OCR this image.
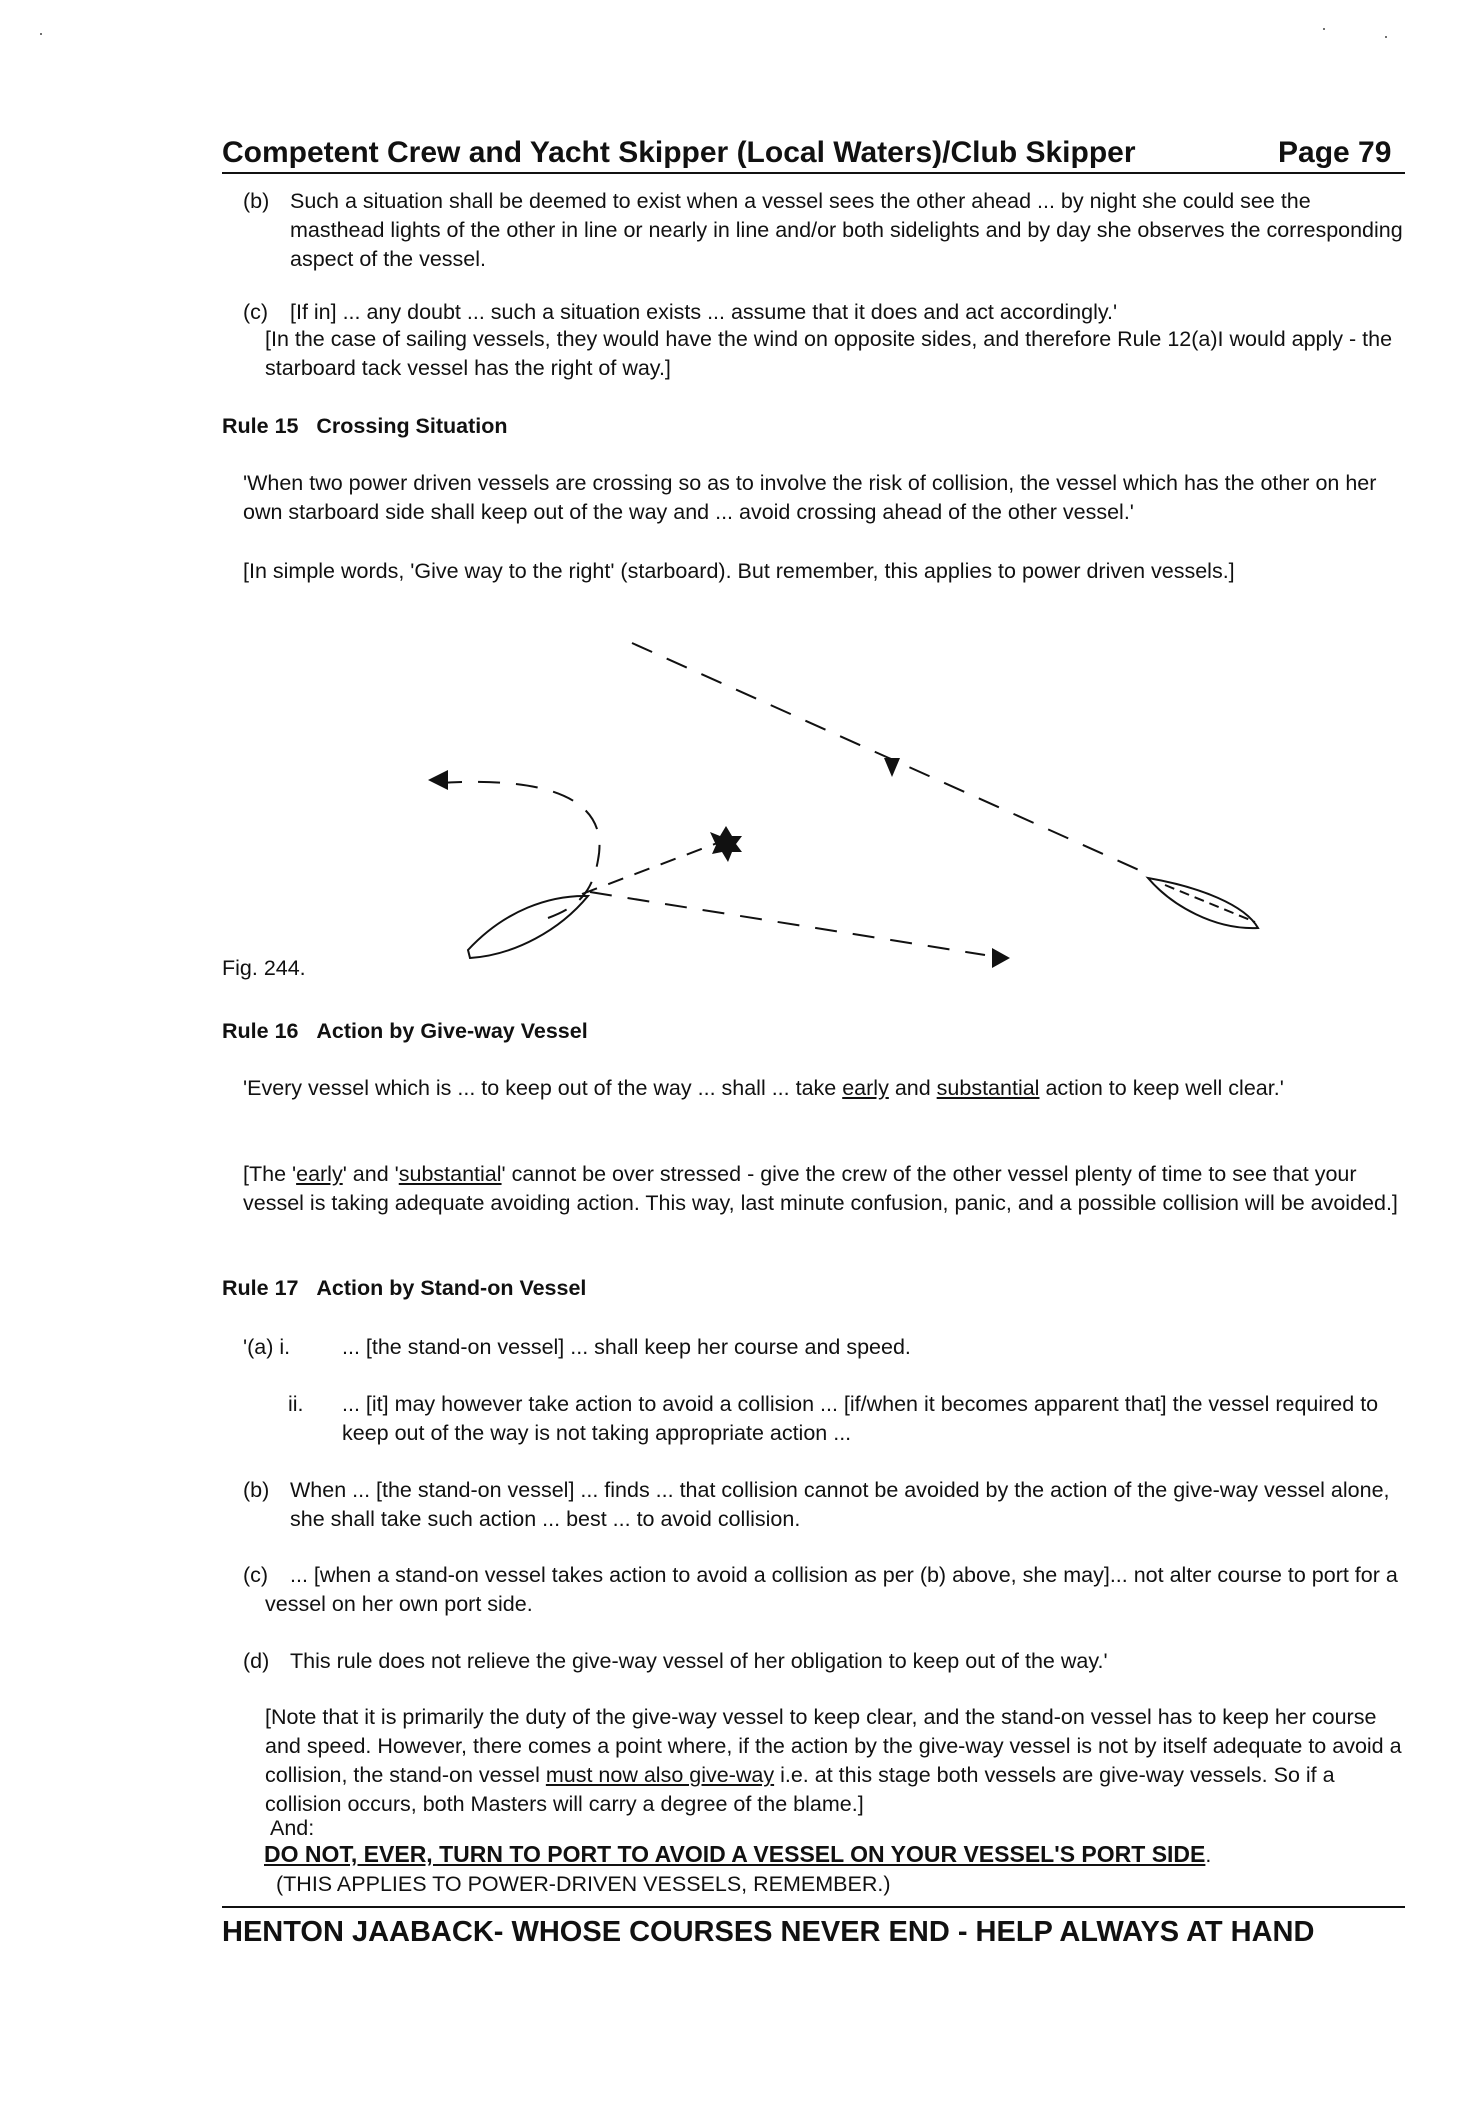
Competent Crew and Yacht Skipper (Local Waters)/Club Skipper	Page 79
(b) Such a situation shall be deemed to exist when a vessel sees the other ahead ... by night she could see the masthead lights of the other in line or nearly in line and/or both sidelights and by day she observes the corresponding aspect of the vessel.
(c) [If in] ... any doubt ... such a situation exists ... assume that it does and act accordingly.'
[In the case of sailing vessels, they would have the wind on opposite sides, and therefore Rule 12(a)I would apply - the starboard tack vessel has the right of way.]
Rule 15 Crossing Situation
'When two power driven vessels are crossing so as to involve the risk of collision, the vessel which has the other on her own starboard side shall keep out of the way and ... avoid crossing ahead of the other vessel.'
[In simple words, 'Give way to the right' (starboard). But remember, this applies to power driven vessels.]
Fig. 244.
Rule 16 Action by Give-way Vessel
'Every vessel which is ... to keep out of the way ... shall ... take early and substantial action to keep well clear.'
[The 'early' and 'substantial' cannot be over stressed - give the crew of the other vessel plenty of time to see that your vessel is taking adequate avoiding action. This way, last minute confusion, panic, and a possible collision will be avoided.]
Rule 17 Action by Stand-on Vessel
'(a) i. ... [the stand-on vessel] ... shall keep her course and speed.
ii. ... [it] may however take action to avoid a collision ... [if/when it becomes apparent that] the vessel required to keep out of the way is not taking appropriate action ...
(b) When ... [the stand-on vessel] ... finds ... that collision cannot be avoided by the action of the give-way vessel alone, she shall take such action ... best ... to avoid collision.
(c)	... [when a stand-on vessel takes action to avoid a collision as per (b) above, she may]... not alter course to port for a vessel on her own port side.
(d) This rule does not relieve the give-way vessel of her obligation to keep out of the way.'
[Note that it is primarily the duty of the give-way vessel to keep clear, and the stand-on vessel has to keep her course and speed. However, there comes a point where, if the action by the give-way vessel is not by itself adequate to avoid a collision, the stand-on vessel must now also give-way i.e. at this stage both vessels are give-way vessels. So if a collision occurs, both Masters will carry a degree of the blame.]
And:
DO NOT, EVER, TURN TO PORT TO AVOID A VESSEL ON YOUR VESSEL'S PORT SIDE.
(THIS APPLIES TO POWER-DRIVEN VESSELS, REMEMBER.)
HENTON JAABACK- WHOSE COURSES NEVER END - HELP ALWAYS AT HAND
